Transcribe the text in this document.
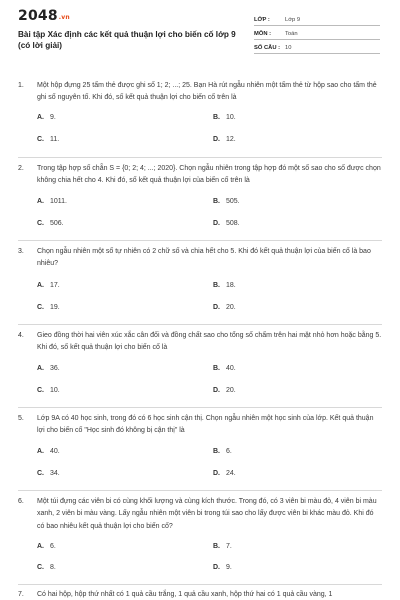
2048.vn
Bài tập Xác định các kết quả thuận lợi cho biến cố lớp 9 (có lời giải)
LỚP :	Lớp 9
MÔN :	Toán
SỐ CÂU : 10
1.	Một hộp đựng 25 tấm thẻ được ghi số 1; 2; ...; 25. Bạn Hà rút ngẫu nhiên một tấm thẻ từ hộp sao cho tấm thẻ ghi số nguyên tố. Khi đó, số kết quả thuận lợi cho biến cố trên là
A. 9.	B. 10.
C. 11.	D. 12.
2.	Trong tập hợp số chẵn S = {0; 2; 4; ...; 2020}. Chọn ngẫu nhiên trong tập hợp đó một số sao cho số được chọn không chia hết cho 4. Khi đó, số kết quả thuận lợi của biến cố trên là
A. 1011.	B. 505.
C. 506.	D. 508.
3.	Chọn ngẫu nhiên một số tự nhiên có 2 chữ số và chia hết cho 5. Khi đó kết quả thuận lợi của biến cố là bao nhiêu?
A. 17.	B. 18.
C. 19.	D. 20.
4.	Gieo đồng thời hai viên xúc xắc cân đối và đồng chất sao cho tổng số chấm trên hai mặt nhỏ hơn hoặc bằng 5. Khi đó, số kết quả thuận lợi cho biến cố là
A. 36.	B. 40.
C. 10.	D. 20.
5.	Lớp 9A có 40 học sinh, trong đó có 6 học sinh cận thị. Chọn ngẫu nhiên một học sinh của lớp. Kết quả thuận lợi cho biến cố "Học sinh đó không bị cận thị" là
A. 40.	B. 6.
C. 34.	D. 24.
6.	Một túi đựng các viên bi có cùng khối lượng và cùng kích thước. Trong đó, có 3 viên bi màu đỏ, 4 viên bi màu xanh, 2 viên bi màu vàng. Lấy ngẫu nhiên một viên bi trong túi sao cho lấy được viên bi khác màu đỏ. Khi đó có bao nhiêu kết quả thuận lợi cho biến cố?
A. 6.	B. 7.
C. 8.	D. 9.
7.	Có hai hộp, hộp thứ nhất có 1 quả cầu trắng, 1 quả cầu xanh, hộp thứ hai có 1 quả cầu vàng, 1
